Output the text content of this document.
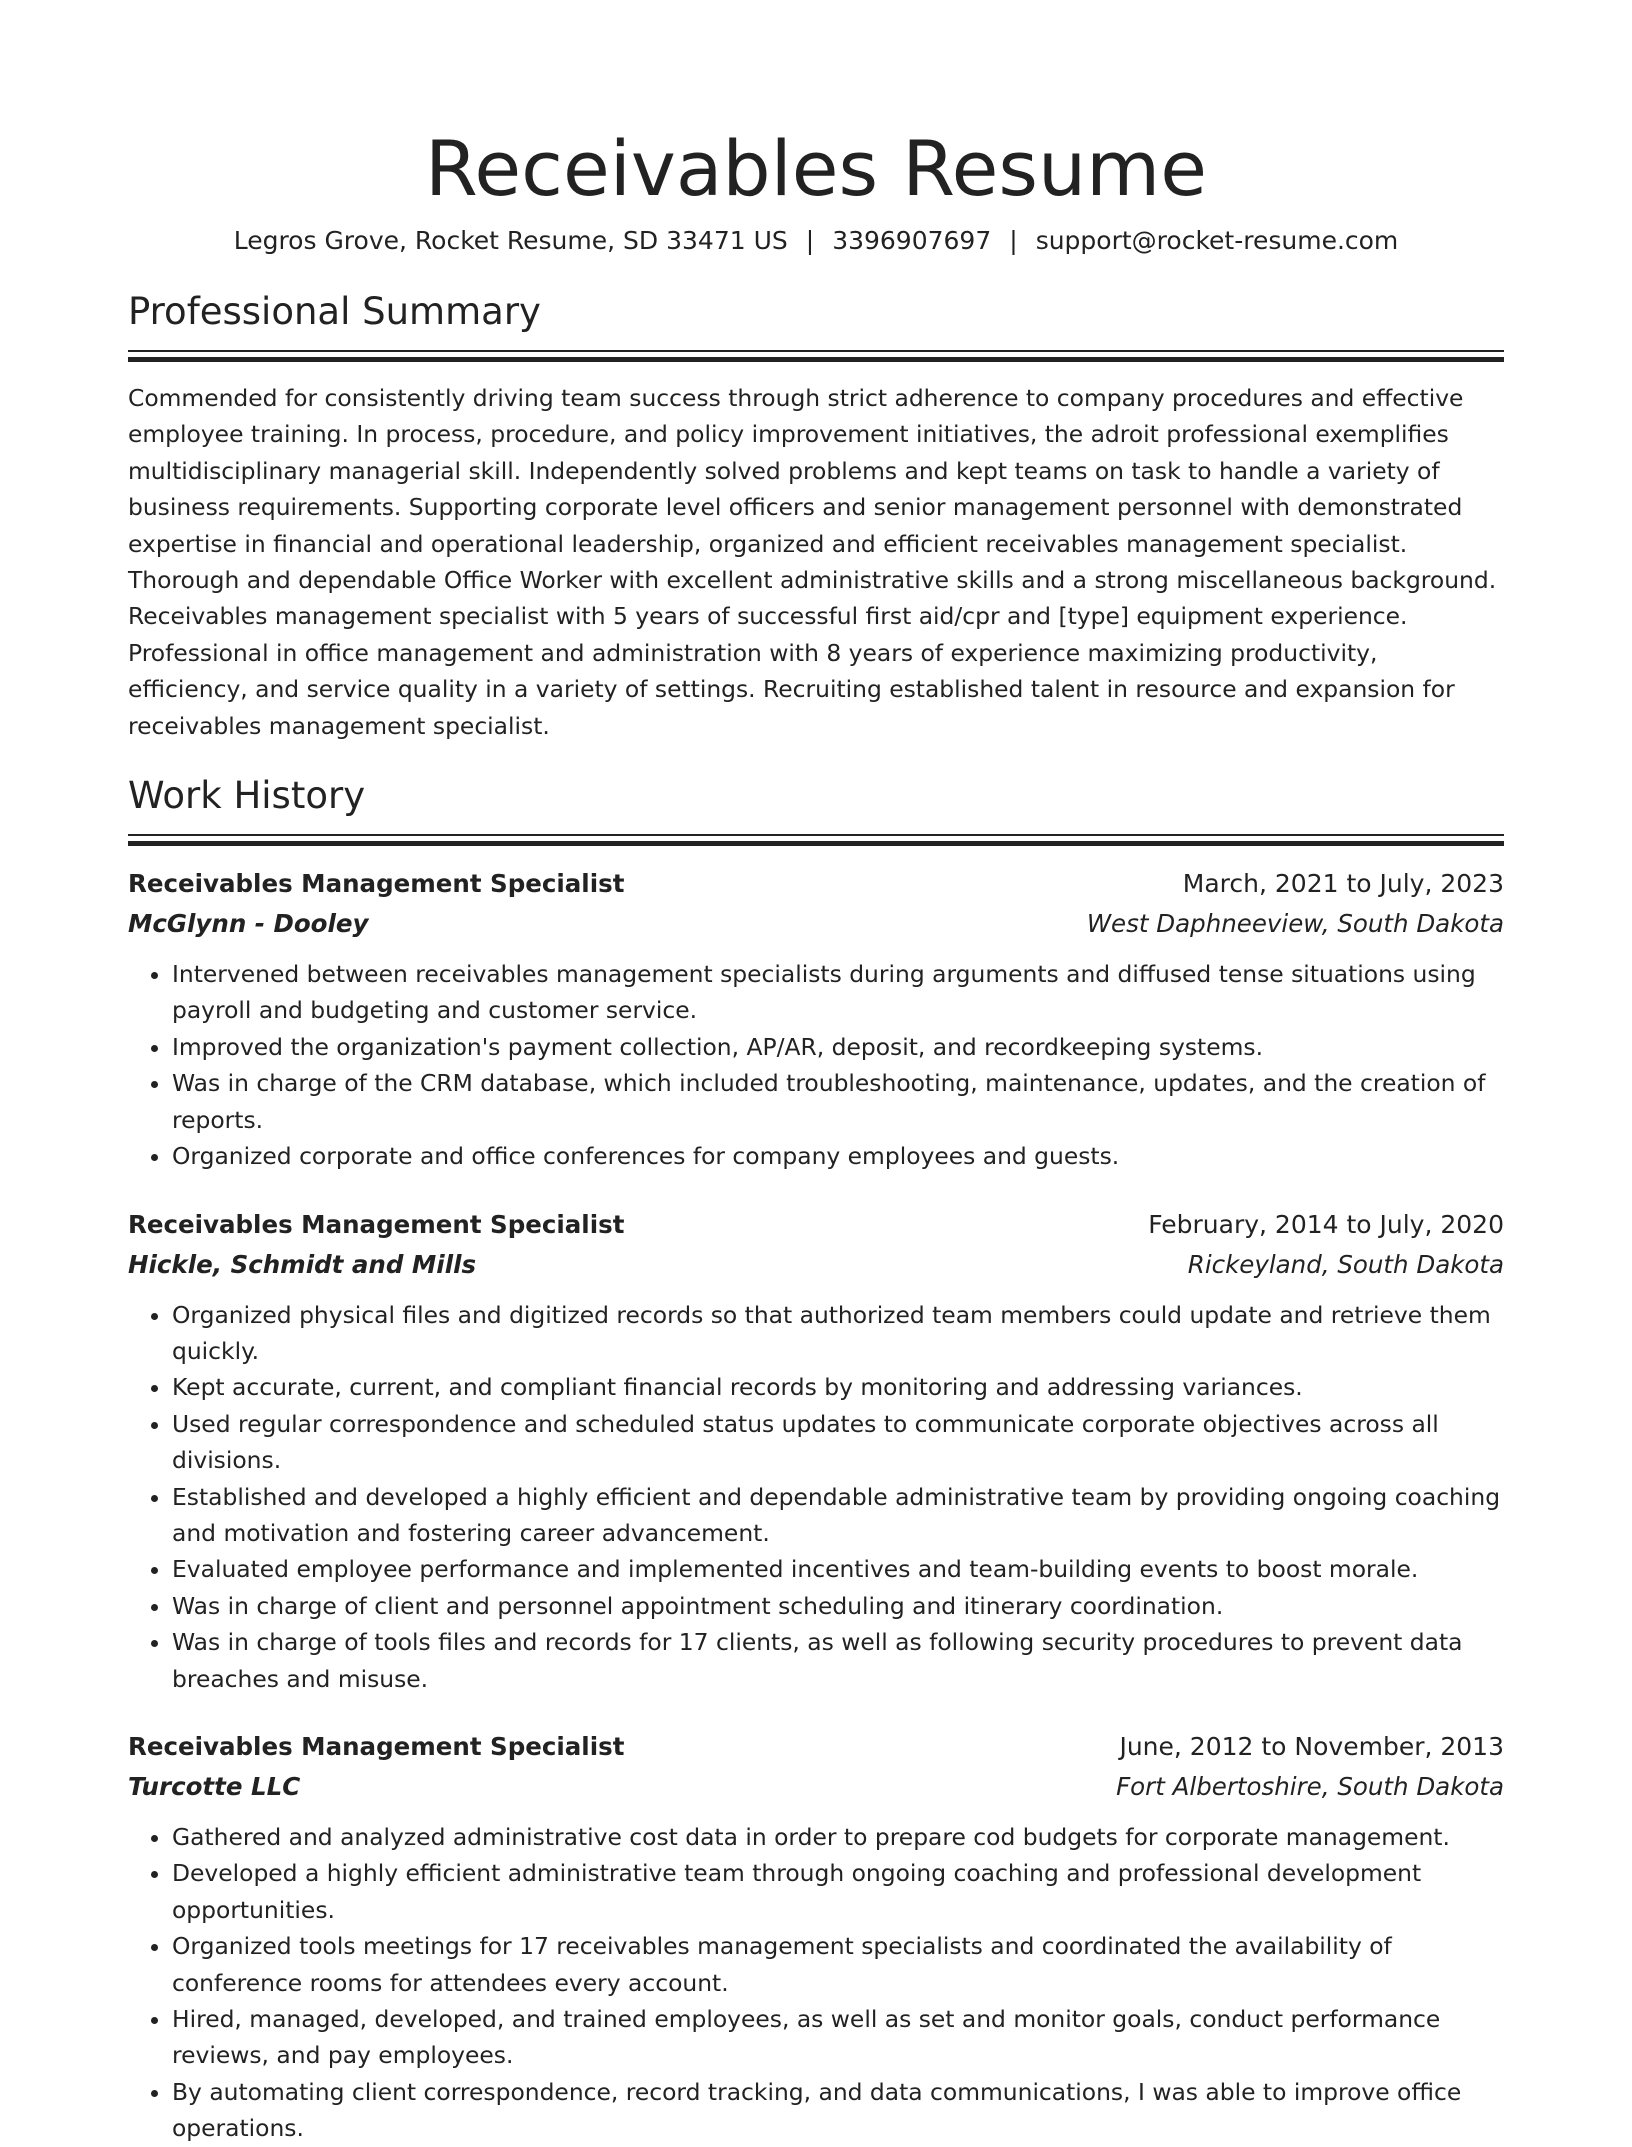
Receivables Resume
Legros Grove, Rocket Resume, SD 33471 US | 3396907697 | support@rocket-resume.com
Professional Summary

Commended for consistently driving team success through strict adherence to company procedures and effective employee training. In process, procedure, and policy improvement initiatives, the adroit professional exemplifies multidisciplinary managerial skill. Independently solved problems and kept teams on task to handle a variety of business requirements. Supporting corporate level officers and senior management personnel with demonstrated expertise in financial and operational leadership, organized and efficient receivables management specialist. Thorough and dependable Office Worker with excellent administrative skills and a strong miscellaneous background. Receivables management specialist with 5 years of successful first aid/cpr and [type] equipment experience. Professional in office management and administration with 8 years of experience maximizing productivity, efficiency, and service quality in a variety of settings. Recruiting established talent in resource and expansion for receivables management specialist.

Work History
Receivables Management Specialist	March, 2021 to July, 2023
McGlynn - Dooley	West Daphneeview, South Dakota
• Intervened between receivables management specialists during arguments and diffused tense situations using payroll and budgeting and customer service.
• Improved the organization's payment collection, AP/AR, deposit, and recordkeeping systems.
• Was in charge of the CRM database, which included troubleshooting, maintenance, updates, and the creation of reports.
• Organized corporate and office conferences for company employees and guests.
Receivables Management Specialist	February, 2014 to July, 2020
Hickle, Schmidt and Mills	Rickeyland, South Dakota
• Organized physical files and digitized records so that authorized team members could update and retrieve them quickly.
• Kept accurate, current, and compliant financial records by monitoring and addressing variances.
• Used regular correspondence and scheduled status updates to communicate corporate objectives across all divisions.
• Established and developed a highly efficient and dependable administrative team by providing ongoing coaching and motivation and fostering career advancement.
• Evaluated employee performance and implemented incentives and team-building events to boost morale.
• Was in charge of client and personnel appointment scheduling and itinerary coordination.
• Was in charge of tools files and records for 17 clients, as well as following security procedures to prevent data breaches and misuse.
Receivables Management Specialist	June, 2012 to November, 2013
Turcotte LLC	Fort Albertoshire, South Dakota
• Gathered and analyzed administrative cost data in order to prepare cod budgets for corporate management.
• Developed a highly efficient administrative team through ongoing coaching and professional development opportunities.
• Organized tools meetings for 17 receivables management specialists and coordinated the availability of conference rooms for attendees every account.
• Hired, managed, developed, and trained employees, as well as set and monitor goals, conduct performance reviews, and pay employees.
• By automating client correspondence, record tracking, and data communications, I was able to improve office operations.
